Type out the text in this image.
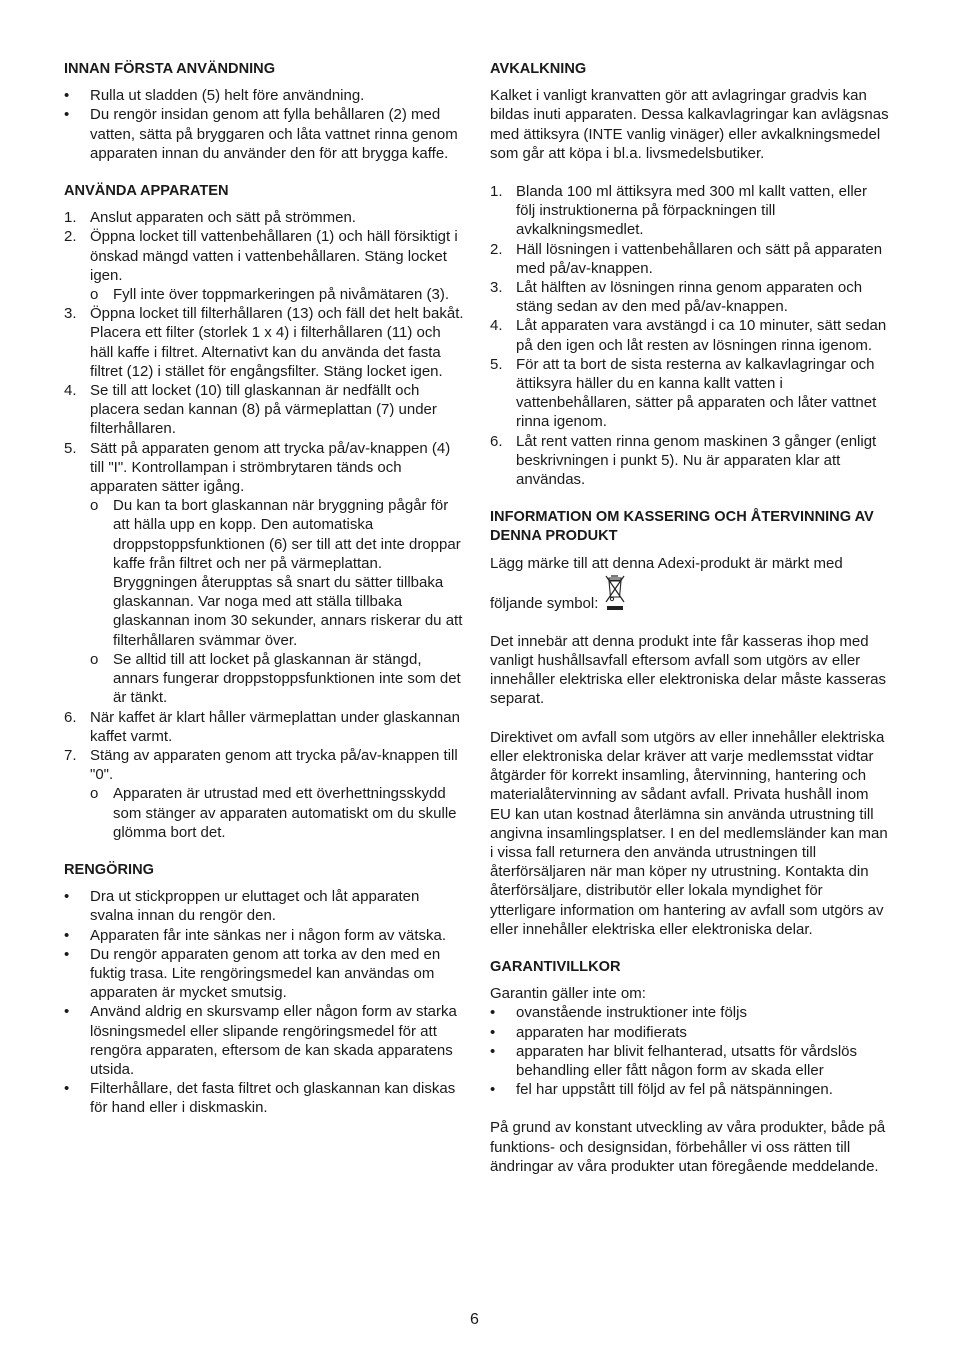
INNAN FÖRSTA ANVÄNDNING
• Rulla ut sladden (5) helt före användning.
• Du rengör insidan genom att fylla behållaren (2) med vatten, sätta på bryggaren och låta vattnet rinna genom apparaten innan du använder den för att brygga kaffe.
ANVÄNDA APPARATEN
1. Anslut apparaten och sätt på strömmen.
2. Öppna locket till vattenbehållaren (1) och häll försiktigt i önskad mängd vatten i vattenbehållaren. Stäng locket igen.
o Fyll inte över toppmarkeringen på nivåmätaren (3).
3. Öppna locket till filterhållaren (13) och fäll det helt bakåt. Placera ett filter (storlek 1 x 4) i filterhållaren (11) och häll kaffe i filtret. Alternativt kan du använda det fasta filtret (12) i stället för engångsfilter. Stäng locket igen.
4. Se till att locket (10) till glaskannan är nedfällt och placera sedan kannan (8) på värmeplattan (7) under filterhållaren.
5. Sätt på apparaten genom att trycka på/av-knappen (4) till "I". Kontrollampan i strömbrytaren tänds och apparaten sätter igång.
o Du kan ta bort glaskannan när bryggning pågår för att hälla upp en kopp. Den automatiska droppstoppsfunktionen (6) ser till att det inte droppar kaffe från filtret och ner på värmeplattan. Bryggningen återupptas så snart du sätter tillbaka glaskannan. Var noga med att ställa tillbaka glaskannan inom 30 sekunder, annars riskerar du att filterhållaren svämmar över.
o Se alltid till att locket på glaskannan är stängd, annars fungerar droppstoppsfunktionen inte som det är tänkt.
6. När kaffet är klart håller värmeplattan under glaskannan kaffet varmt.
7. Stäng av apparaten genom att trycka på/av-knappen till "0".
o Apparaten är utrustad med ett överhettningsskydd som stänger av apparaten automatiskt om du skulle glömma bort det.
RENGÖRING
• Dra ut stickproppen ur eluttaget och låt apparaten svalna innan du rengör den.
• Apparaten får inte sänkas ner i någon form av vätska.
• Du rengör apparaten genom att torka av den med en fuktig trasa. Lite rengöringsmedel kan användas om apparaten är mycket smutsig.
• Använd aldrig en skursvamp eller någon form av starka lösningsmedel eller slipande rengöringsmedel för att rengöra apparaten, eftersom de kan skada apparatens utsida.
• Filterhållare, det fasta filtret och glaskannan kan diskas för hand eller i diskmaskin.
AVKALKNING

Kalket i vanligt kranvatten gör att avlagringar gradvis kan bildas inuti apparaten. Dessa kalkavlagringar kan avlägsnas med ättiksyra (INTE vanlig vinäger) eller avkalkningsmedel som går att köpa i bl.a. livsmedelsbutiker.

1. Blanda 100 ml ättiksyra med 300 ml kallt vatten, eller följ instruktionerna på förpackningen till avkalkningsmedlet.
2. Häll lösningen i vattenbehållaren och sätt på apparaten med på/av-knappen.
3. Låt hälften av lösningen rinna genom apparaten och stäng sedan av den med på/av-knappen.
4. Låt apparaten vara avstängd i ca 10 minuter, sätt sedan på den igen och låt resten av lösningen rinna igenom.
5. För att ta bort de sista resterna av kalkavlagringar och ättiksyra häller du en kanna kallt vatten i vattenbehållaren, sätter på apparaten och låter vattnet rinna igenom.
6. Låt rent vatten rinna genom maskinen 3 gånger (enligt beskrivningen i punkt 5). Nu är apparaten klar att användas.
INFORMATION OM KASSERING OCH ÅTERVINNING AV DENNA PRODUKT

Lägg märke till att denna Adexi-produkt är märkt med

följande symbol:

Det innebär att denna produkt inte får kasseras ihop med vanligt hushållsavfall eftersom avfall som utgörs av eller innehåller elektriska eller elektroniska delar måste kasseras separat.

Direktivet om avfall som utgörs av eller innehåller elektriska eller elektroniska delar kräver att varje medlemsstat vidtar åtgärder för korrekt insamling, återvinning, hantering och materialåtervinning av sådant avfall. Privata hushåll inom EU kan utan kostnad återlämna sin använda utrustning till angivna insamlingsplatser. I en del medlemsländer kan man i vissa fall returnera den använda utrustningen till återförsäljaren när man köper ny utrustning. Kontakta din återförsäljare, distributör eller lokala myndighet för ytterligare information om hantering av avfall som utgörs av eller innehåller elektriska eller elektroniska delar.

GARANTIVILLKOR

Garantin gäller inte om:

• ovanstående instruktioner inte följs
• apparaten har modifierats
• apparaten har blivit felhanterad, utsatts för vårdslös behandling eller fått någon form av skada eller
• fel har uppstått till följd av fel på nätspänningen.

På grund av konstant utveckling av våra produkter, både på funktions- och designsidan, förbehåller vi oss rätten till ändringar av våra produkter utan föregående meddelande.

6
